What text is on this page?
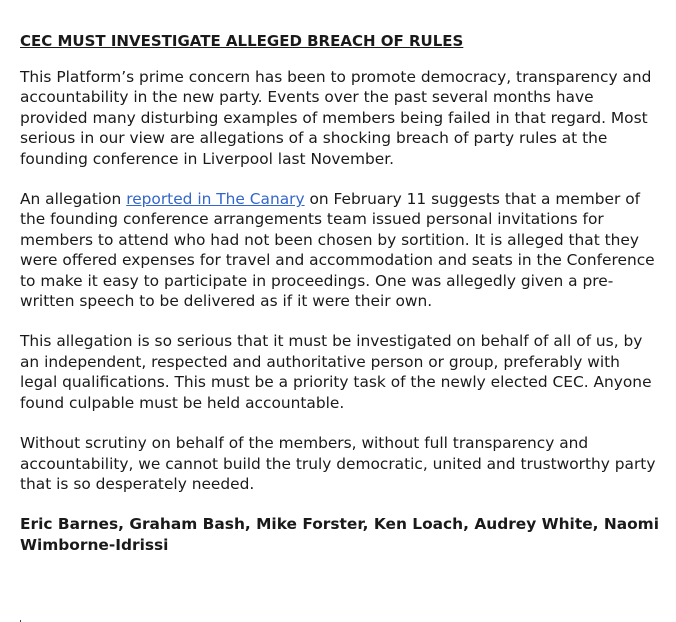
CEC MUST INVESTIGATE ALLEGED BREACH OF RULES

This Platform’s prime concern has been to promote democracy, transparency and accountability in the new party. Events over the past several months have provided many disturbing examples of members being failed in that regard. Most serious in our view are allegations of a shocking breach of party rules at the founding conference in Liverpool last November.

An allegation reported in The Canary on February 11 suggests that a member of the founding conference arrangements team issued personal invitations for members to attend who had not been chosen by sortition. It is alleged that they were offered expenses for travel and accommodation and seats in the Conference to make it easy to participate in proceedings. One was allegedly given a pre-written speech to be delivered as if it were their own.

This allegation is so serious that it must be investigated on behalf of all of us, by an independent, respected and authoritative person or group, preferably with legal qualifications. This must be a priority task of the newly elected CEC. Anyone found culpable must be held accountable.

Without scrutiny on behalf of the members, without full transparency and accountability, we cannot build the truly democratic, united and trustworthy party that is so desperately needed.

Eric Barnes, Graham Bash, Mike Forster, Ken Loach, Audrey White, Naomi Wimborne-Idrissi
